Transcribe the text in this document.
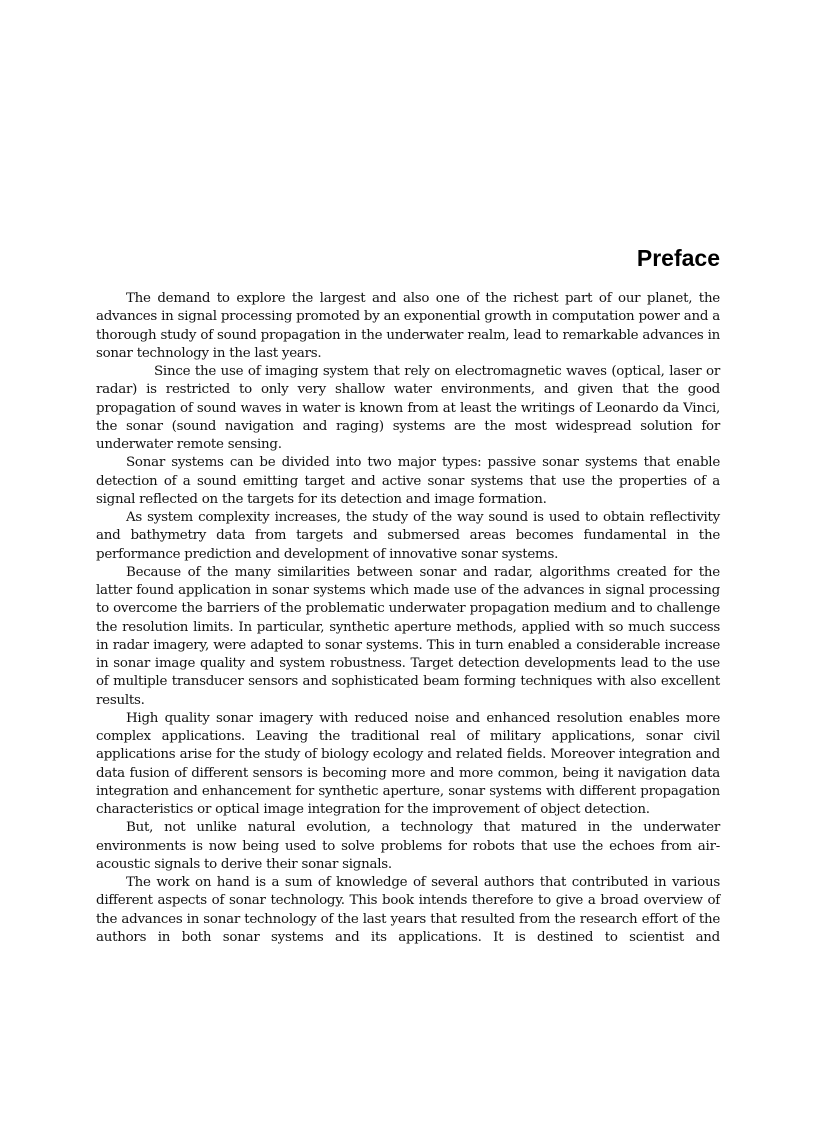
Preface

The demand to explore the largest and also one of the richest part of our planet, the advances in signal processing promoted by an exponential growth in computation power and a thorough study of sound propagation in the underwater realm, lead to remarkable advances in sonar technology in the last years.

Since the use of imaging system that rely on electromagnetic waves (optical, laser or radar) is restricted to only very shallow water environments, and given that the good propagation of sound waves in water is known from at least the writings of Leonardo da Vinci, the sonar (sound navigation and raging) systems are the most widespread solution for underwater remote sensing.

Sonar systems can be divided into two major types: passive sonar systems that enable detection of a sound emitting target and active sonar systems that use the properties of a signal reflected on the targets for its detection and image formation.

As system complexity increases, the study of the way sound is used to obtain reflectivity and bathymetry data from targets and submersed areas becomes fundamental in the performance prediction and development of innovative sonar systems.

Because of the many similarities between sonar and radar, algorithms created for the latter found application in sonar systems which made use of the advances in signal processing to overcome the barriers of the problematic underwater propagation medium and to challenge the resolution limits. In particular, synthetic aperture methods, applied with so much success in radar imagery, were adapted to sonar systems. This in turn enabled a considerable increase in sonar image quality and system robustness. Target detection developments lead to the use of multiple transducer sensors and sophisticated beam forming techniques with also excellent results.

High quality sonar imagery with reduced noise and enhanced resolution enables more complex applications. Leaving the traditional real of military applications, sonar civil applications arise for the study of biology ecology and related fields. Moreover integration and data fusion of different sensors is becoming more and more common, being it navigation data integration and enhancement for synthetic aperture, sonar systems with different propagation characteristics or optical image integration for the improvement of object detection.

But, not unlike natural evolution, a technology that matured in the underwater environments is now being used to solve problems for robots that use the echoes from air-acoustic signals to derive their sonar signals.

The work on hand is a sum of knowledge of several authors that contributed in various different aspects of sonar technology. This book intends therefore to give a broad overview of the advances in sonar technology of the last years that resulted from the research effort of the authors in both sonar systems and its applications. It is destined to scientist and
